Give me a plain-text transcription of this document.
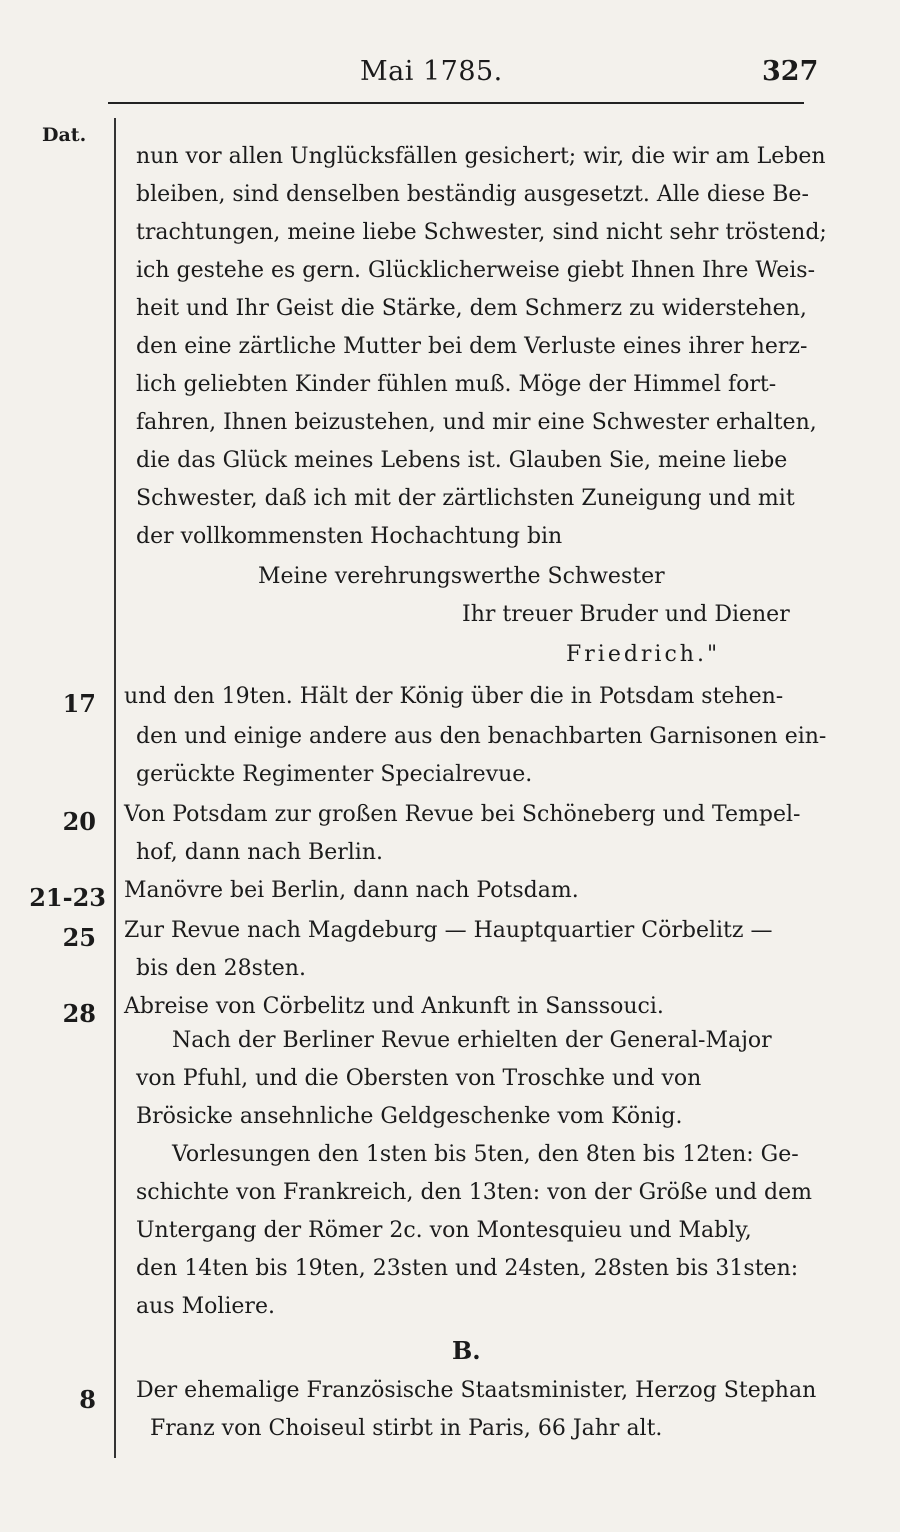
Mai 1785.	327
Dat.
nun vor allen Unglücksfällen gesichert; wir, die wir am Leben
bleiben, sind denselben beständig ausgesetzt. Alle diese Be-
trachtungen, meine liebe Schwester, sind nicht sehr tröstend;
ich gestehe es gern. Glücklicherweise giebt Ihnen Ihre Weis-
heit und Ihr Geist die Stärke, dem Schmerz zu widerstehen,
den eine zärtliche Mutter bei dem Verluste eines ihrer herz-
lich geliebten Kinder fühlen muß. Möge der Himmel fort-
fahren, Ihnen beizustehen, und mir eine Schwester erhalten,
die das Glück meines Lebens ist. Glauben Sie, meine liebe
Schwester, daß ich mit der zärtlichsten Zuneigung und mit
der vollkommensten Hochachtung bin
Meine verehrungswerthe Schwester
Ihr treuer Bruder und Diener
Friedrich."
17 und den 19ten. Hält der König über die in Potsdam stehen-
den und einige andere aus den benachbarten Garnisonen ein-
gerückte Regimenter Specialrevue.
20 Von Potsdam zur großen Revue bei Schöneberg und Tempel-
hof, dann nach Berlin.
21-23 Manövre bei Berlin, dann nach Potsdam.
25 Zur Revue nach Magdeburg — Hauptquartier Cörbelitz —
bis den 28sten.
28 Abreise von Cörbelitz und Ankunft in Sanssouci.
Nach der Berliner Revue erhielten der General-Major
von Pfuhl, und die Obersten von Troschke und von
Brösicke ansehnliche Geldgeschenke vom König.
Vorlesungen den 1sten bis 5ten, den 8ten bis 12ten: Ge-
schichte von Frankreich, den 13ten: von der Größe und dem
Untergang der Römer 2c. von Montesquieu und Mably,
den 14ten bis 19ten, 23sten und 24sten, 28sten bis 31sten:
aus Moliere.
B.
8 Der ehemalige Französische Staatsminister, Herzog Stephan
Franz von Choiseul stirbt in Paris, 66 Jahr alt.
